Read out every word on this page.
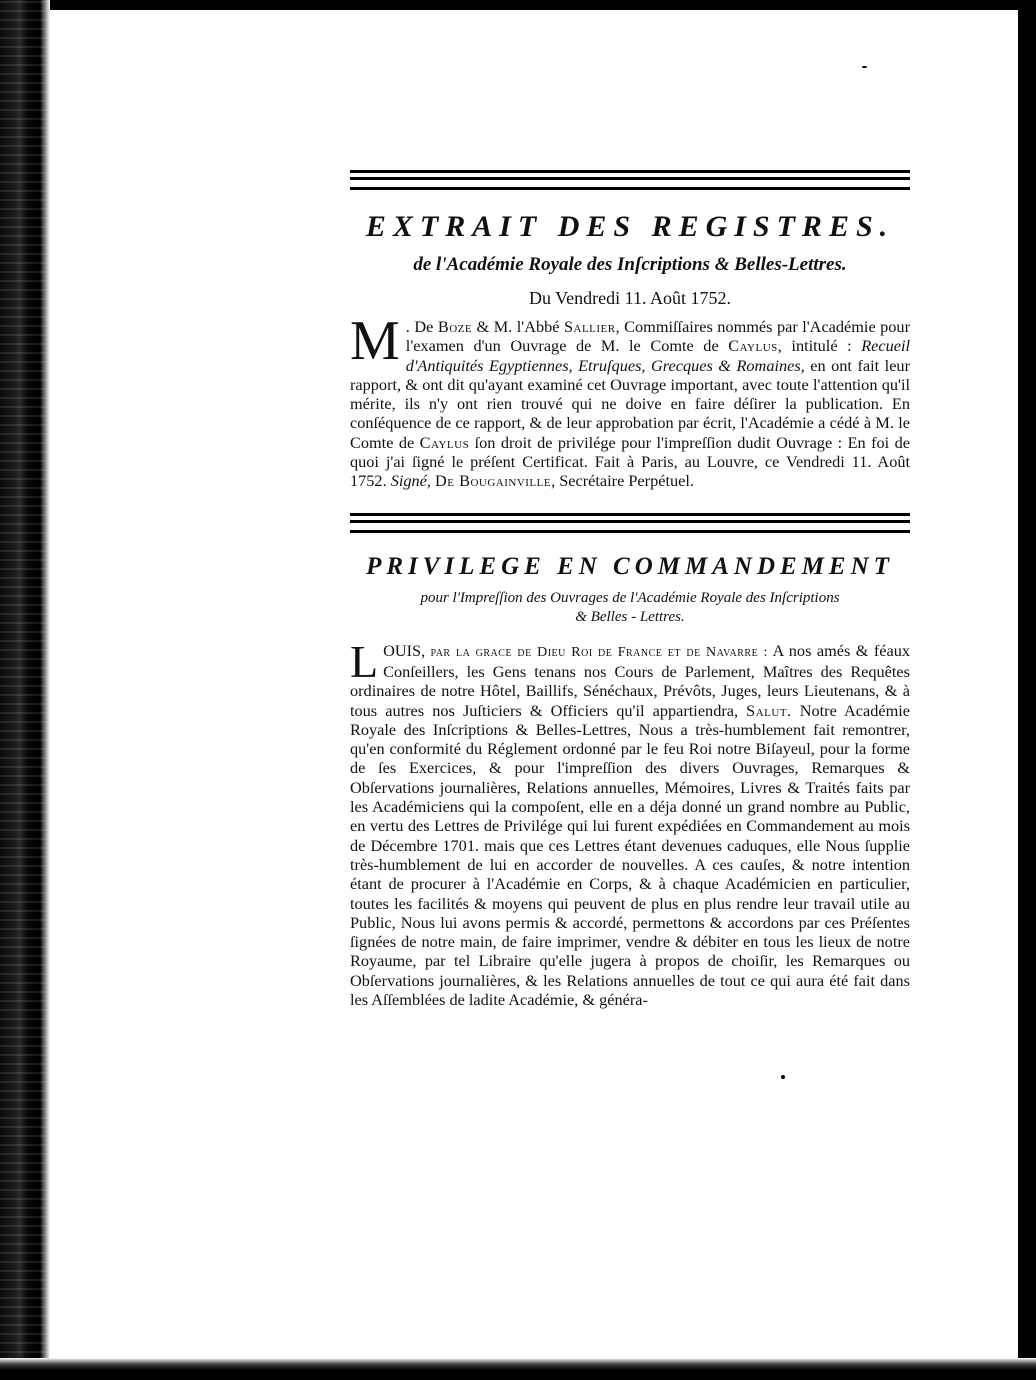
EXTRAIT DES REGISTRES.
de l'Académie Royale des Inſcriptions & Belles-Lettres.
Du Vendredi 11. Août 1752.

M . De Boze & M. l'Abbé Sallier, Commiſſaires nommés par l'Académie pour l'examen d'un Ouvrage de M. le Comte de Caylus, intitulé : Recueil d'Antiquités Egyptiennes, Etruſques, Grecques & Romaines, en ont fait leur rapport, & ont dit qu'ayant examiné cet Ouvrage important, avec toute l'attention qu'il mérite, ils n'y ont rien trouvé qui ne doive en faire déſirer la publication. En conſéquence de ce rapport, & de leur approbation par écrit, l'Académie a cédé à M. le Comte de Caylus ſon droit de privilége pour l'impreſſion dudit Ouvrage : En foi de quoi j'ai ſigné le préſent Certificat. Fait à Paris, au Louvre, ce Vendredi 11. Août 1752. Signé, De Bougainville, Secrétaire Perpétuel.

PRIVILEGE EN COMMANDEMENT
pour l'Impreſſion des Ouvrages de l'Académie Royale des Inſcriptions
& Belles - Lettres.

LOUIS, par la grace de Dieu Roi de France et de Navarre : A nos amés & féaux Conſeillers, les Gens tenans nos Cours de Parlement, Maîtres des Requêtes ordinaires de notre Hôtel, Baillifs, Sénéchaux, Prévôts, Juges, leurs Lieutenans, & à tous autres nos Juſticiers & Officiers qu'il appartiendra, Salut. Notre Académie Royale des Inſcriptions & Belles-Lettres, Nous a très-humblement fait remontrer, qu'en conformité du Réglement ordonné par le feu Roi notre Biſayeul, pour la forme de ſes Exercices, & pour l'impreſſion des divers Ouvrages, Remarques & Obſervations journalières, Relations annuelles, Mémoires, Livres & Traités faits par les Académiciens qui la compoſent, elle en a déja donné un grand nombre au Public, en vertu des Lettres de Privilége qui lui furent expédiées en Commandement au mois de Décembre 1701. mais que ces Lettres étant devenues caduques, elle Nous ſupplie très-humblement de lui en accorder de nouvelles. A ces cauſes, & notre intention étant de procurer à l'Académie en Corps, & à chaque Académicien en particulier, toutes les facilités & moyens qui peuvent de plus en plus rendre leur travail utile au Public, Nous lui avons permis & accordé, permettons & accordons par ces Préſentes ſignées de notre main, de faire imprimer, vendre & débiter en tous les lieux de notre Royaume, par tel Libraire qu'elle jugera à propos de choiſir, les Remarques ou Obſervations journalières, & les Relations annuelles de tout ce qui aura été fait dans les Aſſemblées de ladite Académie, & généra-
